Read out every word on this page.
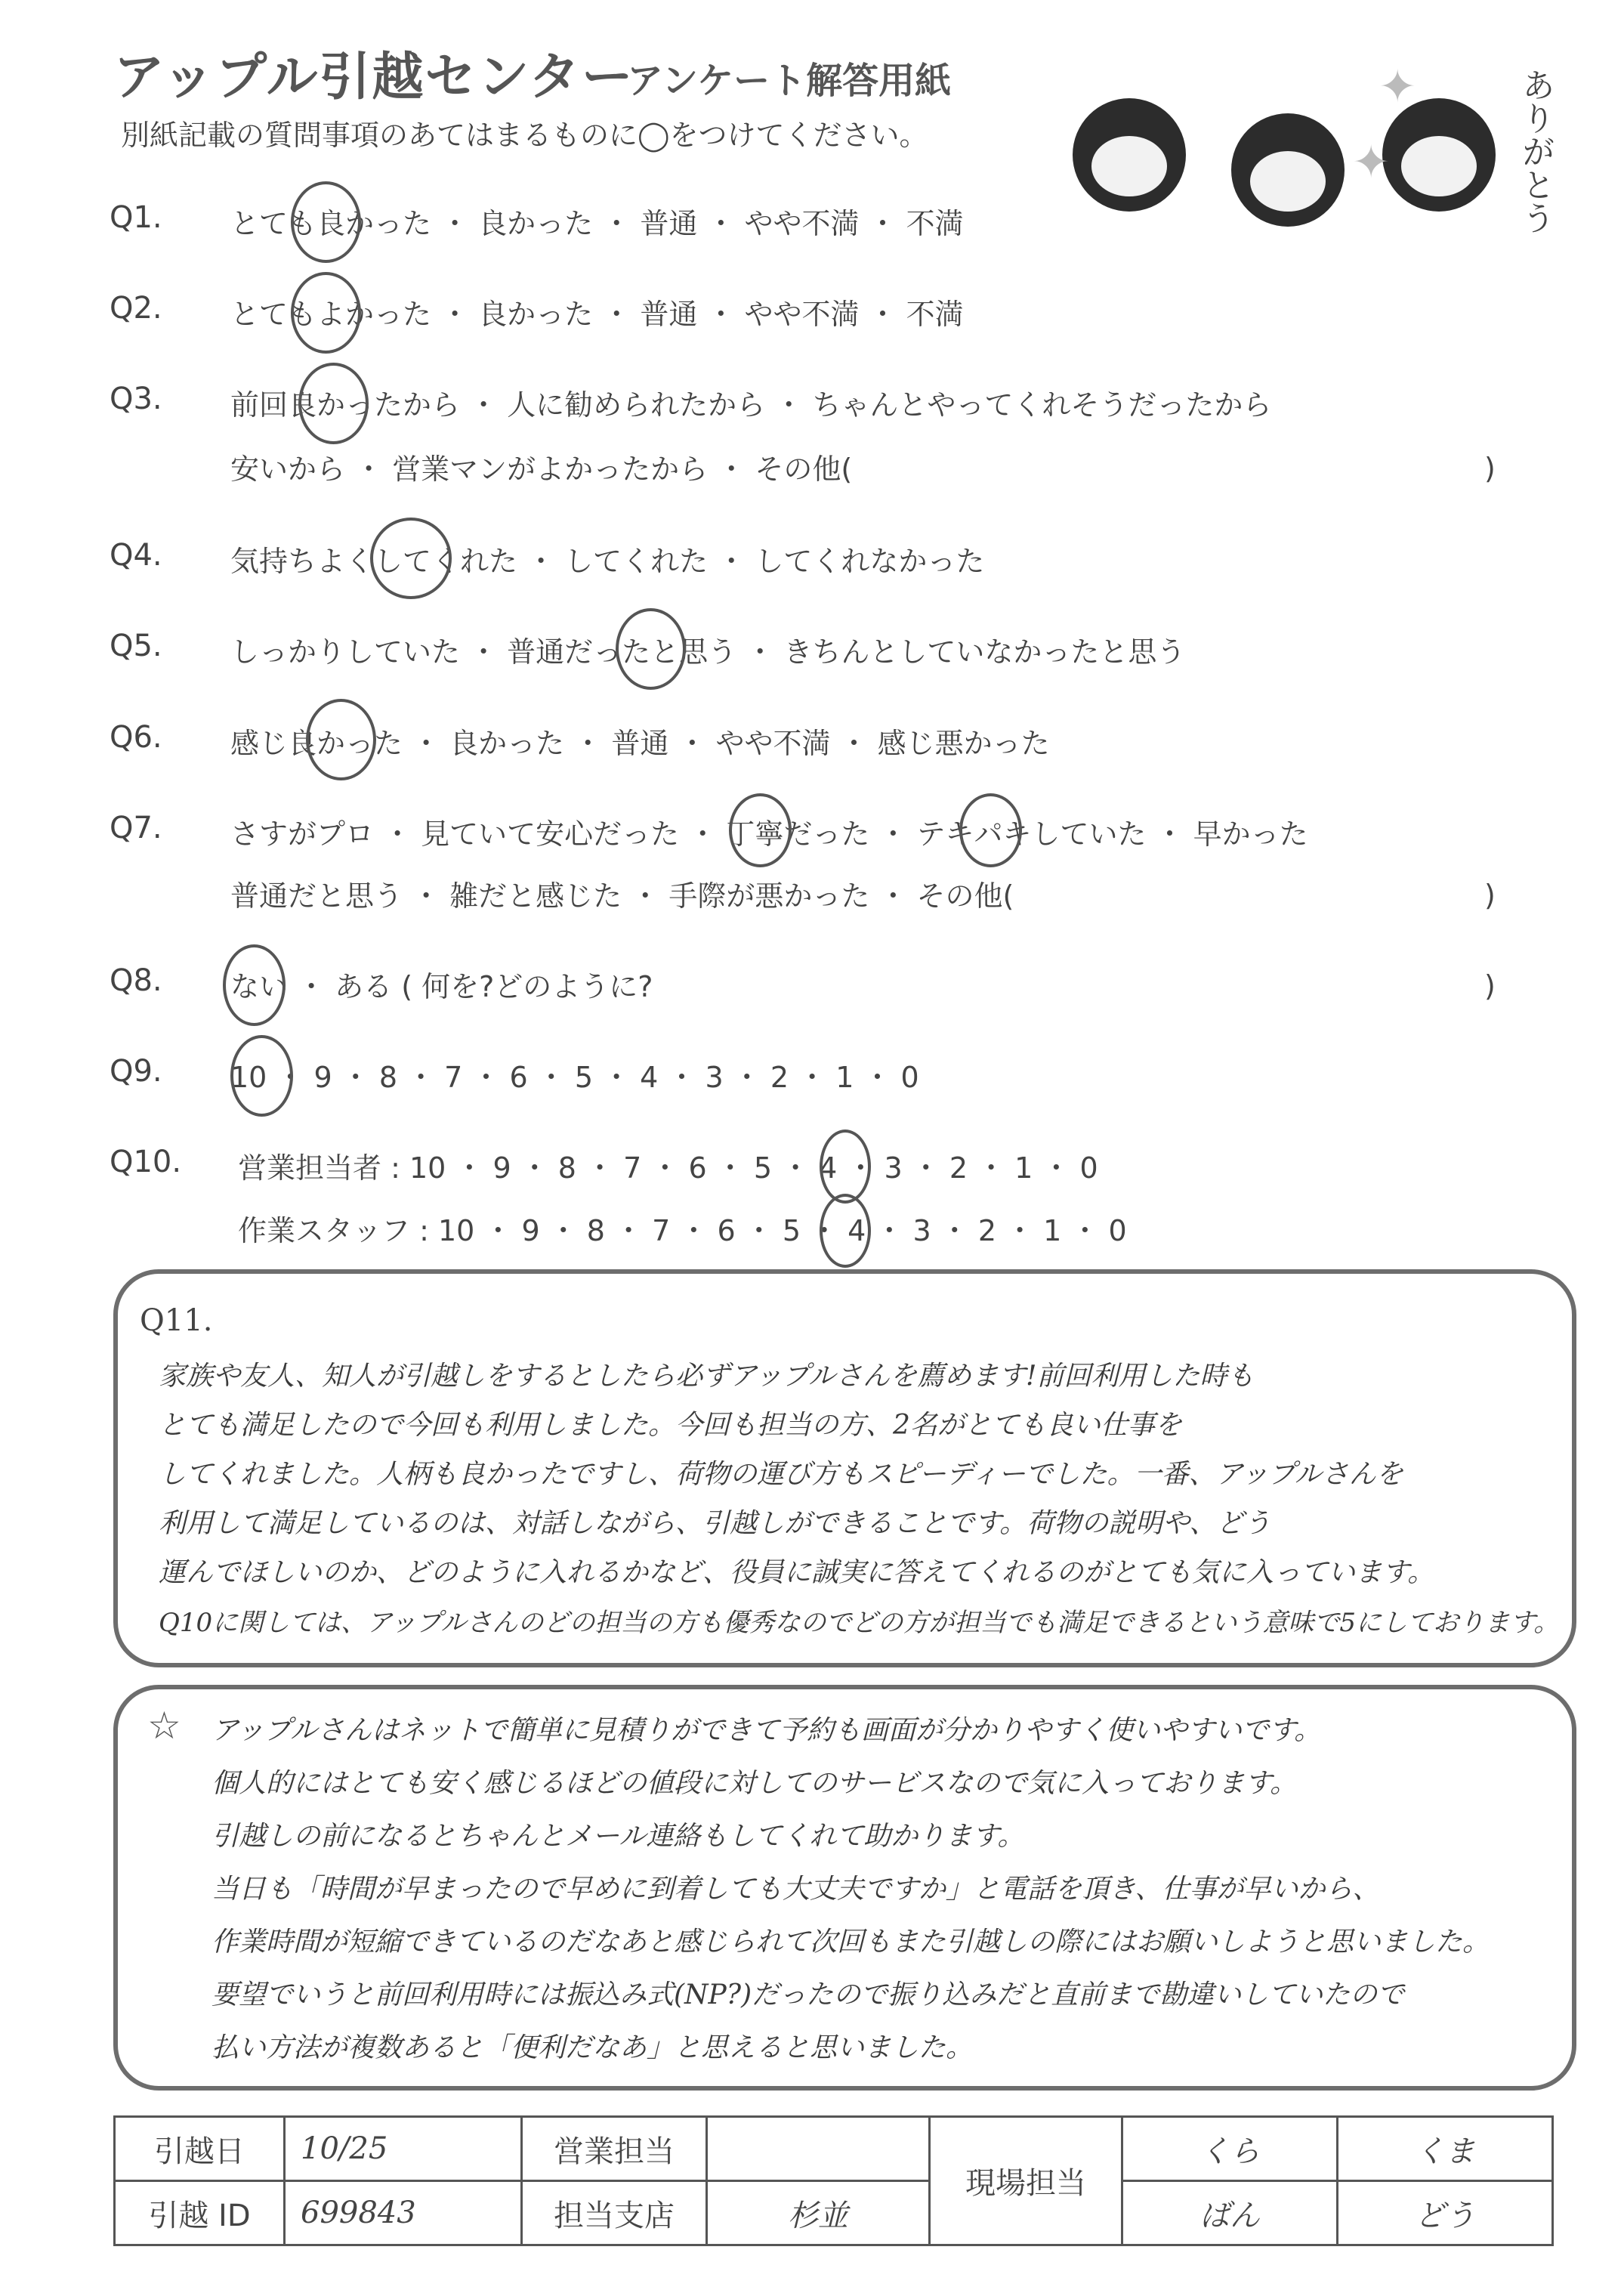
アップル引越センター
アンケート解答用紙
別紙記載の質問事項のあてはまるものに◯をつけてください。
✦
✦	ありがとう
Q1. とても良かった ・ 良かった ・ 普通 ・ やや不満 ・ 不満
Q2. とてもよかった ・ 良かった ・ 普通 ・ やや不満 ・ 不満
Q3. 前回良かったから ・ 人に勧められたから ・ ちゃんとやってくれそうだったから
安いから ・ 営業マンがよかったから ・ その他(	)
Q4. 気持ちよくしてくれた ・ してくれた ・ してくれなかった
Q5. しっかりしていた ・ 普通だったと思う ・ きちんとしていなかったと思う
Q6. 感じ良かった ・ 良かった ・ 普通 ・ やや不満 ・ 感じ悪かった
Q7. さすがプロ ・ 見ていて安心だった ・ 丁寧だった ・ テキパキしていた ・ 早かった
普通だと思う ・ 雑だと感じた ・ 手際が悪かった ・ その他(	)
Q8. ない ・ ある ( 何を?どのように?	)
Q9. 10 ・ 9 ・ 8 ・ 7 ・ 6 ・ 5 ・ 4 ・ 3 ・ 2 ・ 1 ・ 0
Q10. 営業担当者 : 10 ・ 9 ・ 8 ・ 7 ・ 6 ・ 5 ・ 4 ・ 3 ・ 2 ・ 1 ・ 0
作業スタッフ : 10 ・ 9 ・ 8 ・ 7 ・ 6 ・ 5 ・ 4 ・ 3 ・ 2 ・ 1 ・ 0
Q11.
家族や友人、知人が引越しをするとしたら必ずアップルさんを薦めます!前回利用した時も
とても満足したので今回も利用しました。今回も担当の方、2名がとても良い仕事を
してくれました。人柄も良かったですし、荷物の運び方もスピーディーでした。一番、アップルさんを
利用して満足しているのは、対話しながら、引越しができることです。荷物の説明や、どう
運んでほしいのか、どのように入れるかなど、役員に誠実に答えてくれるのがとても気に入っています。
Q10に関しては、アップルさんのどの担当の方も優秀なのでどの方が担当でも満足できるという意味で5にしております。
☆ アップルさんはネットで簡単に見積りができて予約も画面が分かりやすく使いやすいです。
個人的にはとても安く感じるほどの値段に対してのサービスなので気に入っております。
引越しの前になるとちゃんとメール連絡もしてくれて助かります。
当日も「時間が早まったので早めに到着しても大丈夫ですか」と電話を頂き、仕事が早いから、
作業時間が短縮できているのだなあと感じられて次回もまた引越しの際にはお願いしようと思いました。
要望でいうと前回利用時には振込み式(NP?)だったので振り込みだと直前まで勘違いしていたので
払い方法が複数あると「便利だなあ」と思えると思いました。
引越日	10/25	営業担当		現場担当	くら	くま
引越 ID	699843	担当支店	杉並		ばん	どう
